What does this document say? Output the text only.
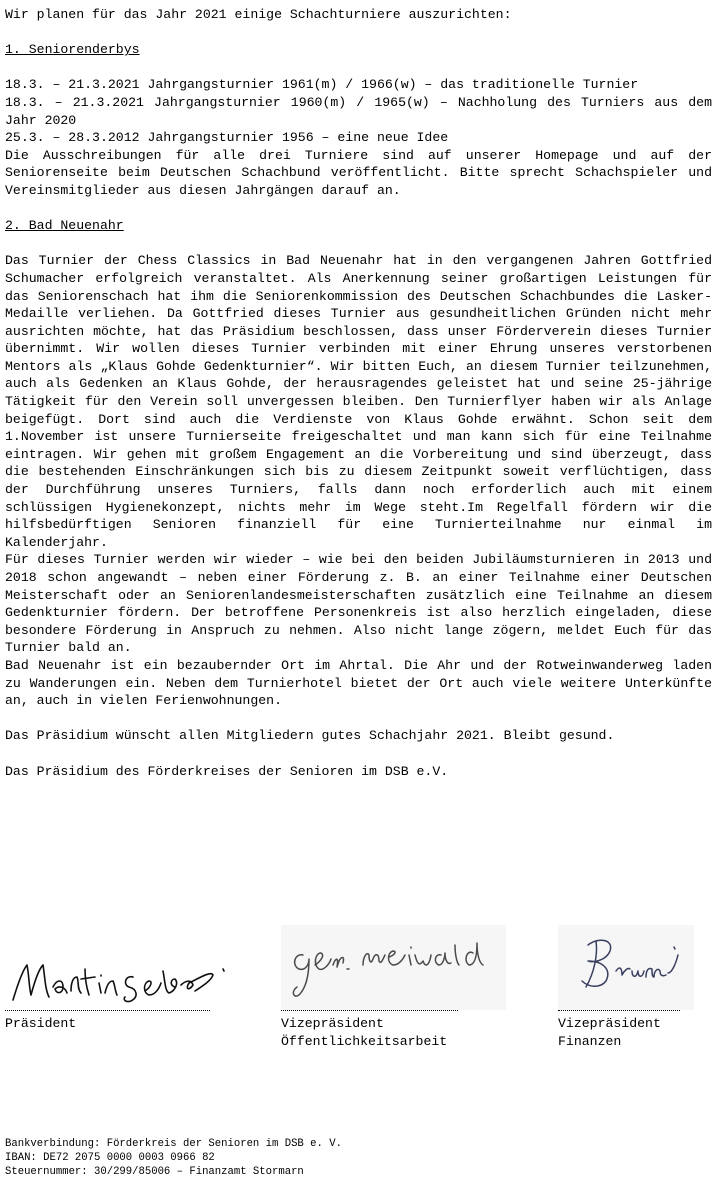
Wir planen für das Jahr 2021 einige Schachturniere auszurichten:

1. Seniorenderbys

18.3. – 21.3.2021 Jahrgangsturnier 1961(m) / 1966(w) – das traditionelle Turnier

18.3. – 21.3.2021 Jahrgangsturnier 1960(m) / 1965(w) – Nachholung des Turniers aus dem Jahr 2020

25.3. – 28.3.2012 Jahrgangsturnier 1956 – eine neue Idee

Die Ausschreibungen für alle drei Turniere sind auf unserer Homepage und auf der Seniorenseite beim Deutschen Schachbund veröffentlicht. Bitte sprecht Schachspieler und Vereinsmitglieder aus diesen Jahrgängen darauf an.

2. Bad Neuenahr

Das Turnier der Chess Classics in Bad Neuenahr hat in den vergangenen Jahren Gottfried Schumacher erfolgreich veranstaltet. Als Anerkennung seiner großartigen Leistungen für das Seniorenschach hat ihm die Seniorenkommission des Deutschen Schachbundes die Lasker-Medaille verliehen. Da Gottfried dieses Turnier aus gesundheitlichen Gründen nicht mehr ausrichten möchte, hat das Präsidium beschlossen, dass unser Förderverein dieses Turnier übernimmt. Wir wollen dieses Turnier verbinden mit einer Ehrung unseres verstorbenen Mentors als „Klaus Gohde Gedenkturnier“. Wir bitten Euch, an diesem Turnier teilzunehmen, auch als Gedenken an Klaus Gohde, der herausragendes geleistet hat und seine 25-jährige Tätigkeit für den Verein soll unvergessen bleiben. Den Turnierflyer haben wir als Anlage beigefügt. Dort sind auch die Verdienste von Klaus Gohde erwähnt. Schon seit dem 1.November ist unsere Turnierseite freigeschaltet und man kann sich für eine Teilnahme eintragen. Wir gehen mit großem Engagement an die Vorbereitung und sind überzeugt, dass die bestehenden Einschränkungen sich bis zu diesem Zeitpunkt soweit verflüchtigen, dass der Durchführung unseres Turniers, falls dann noch erforderlich auch mit einem schlüssigen Hygienekonzept, nichts mehr im Wege steht.Im Regelfall fördern wir die hilfsbedürftigen Senioren finanziell für eine Turnierteilnahme nur einmal im Kalenderjahr.

Für dieses Turnier werden wir wieder – wie bei den beiden Jubiläumsturnieren in 2013 und 2018 schon angewandt – neben einer Förderung z. B. an einer Teilnahme einer Deutschen Meisterschaft oder an Seniorenlandesmeisterschaften zusätzlich eine Teilnahme an diesem Gedenkturnier fördern. Der betroffene Personenkreis ist also herzlich eingeladen, diese besondere Förderung in Anspruch zu nehmen. Also nicht lange zögern, meldet Euch für das Turnier bald an.

Bad Neuenahr ist ein bezaubernder Ort im Ahrtal. Die Ahr und der Rotweinwanderweg laden zu Wanderungen ein. Neben dem Turnierhotel bietet der Ort auch viele weitere Unterkünfte an, auch in vielen Ferienwohnungen.

Das Präsidium wünscht allen Mitgliedern gutes Schachjahr 2021. Bleibt gesund.

Das Präsidium des Förderkreises der Senioren im DSB e.V.

Präsident	Vizepräsident
Öffentlichkeitsarbeit
Vizepräsident
Finanzen
Bankverbindung: Förderkreis der Senioren im DSB e. V.
IBAN: DE72 2075 0000 0003 0966 82
Steuernummer: 30/299/85006 – Finanzamt Stormarn
